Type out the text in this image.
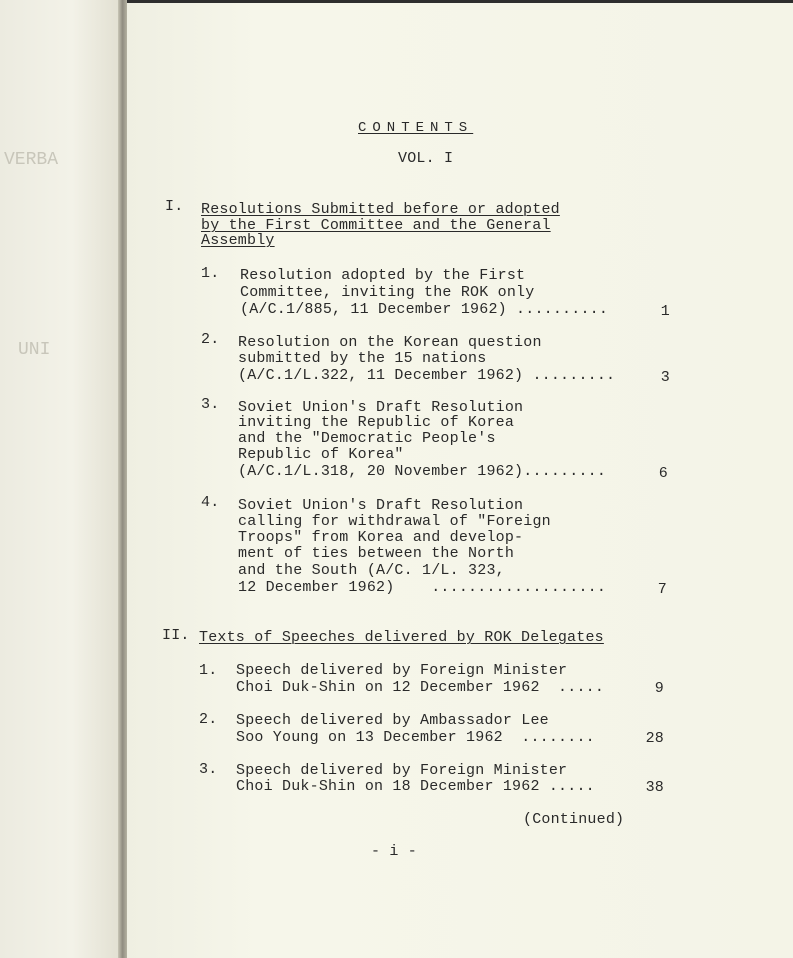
VERBA
UNI
CONTENTS
VOL. I
I. Resolutions Submitted before or adopted
by the First Committee and the General
Assembly
1. Resolution adopted by the First
Committee, inviting the ROK only
(A/C.1/885, 11 December 1962) ..........	1
2. Resolution on the Korean question
submitted by the 15 nations
(A/C.1/L.322, 11 December 1962) .........	3
3. Soviet Union's Draft Resolution
inviting the Republic of Korea
and the "Democratic People's
Republic of Korea"
(A/C.1/L.318, 20 November 1962).........	6
4. Soviet Union's Draft Resolution
calling for withdrawal of "Foreign
Troops" from Korea and develop-
ment of ties between the North
and the South (A/C. 1/L. 323,
12 December 1962)    ...................	7
II. Texts of Speeches delivered by ROK Delegates
1. Speech delivered by Foreign Minister
Choi Duk-Shin on 12 December 1962  .....	9
2. Speech delivered by Ambassador Lee
Soo Young on 13 December 1962  ........	28
3. Speech delivered by Foreign Minister
Choi Duk-Shin on 18 December 1962 .....	38
(Continued)
- i -
